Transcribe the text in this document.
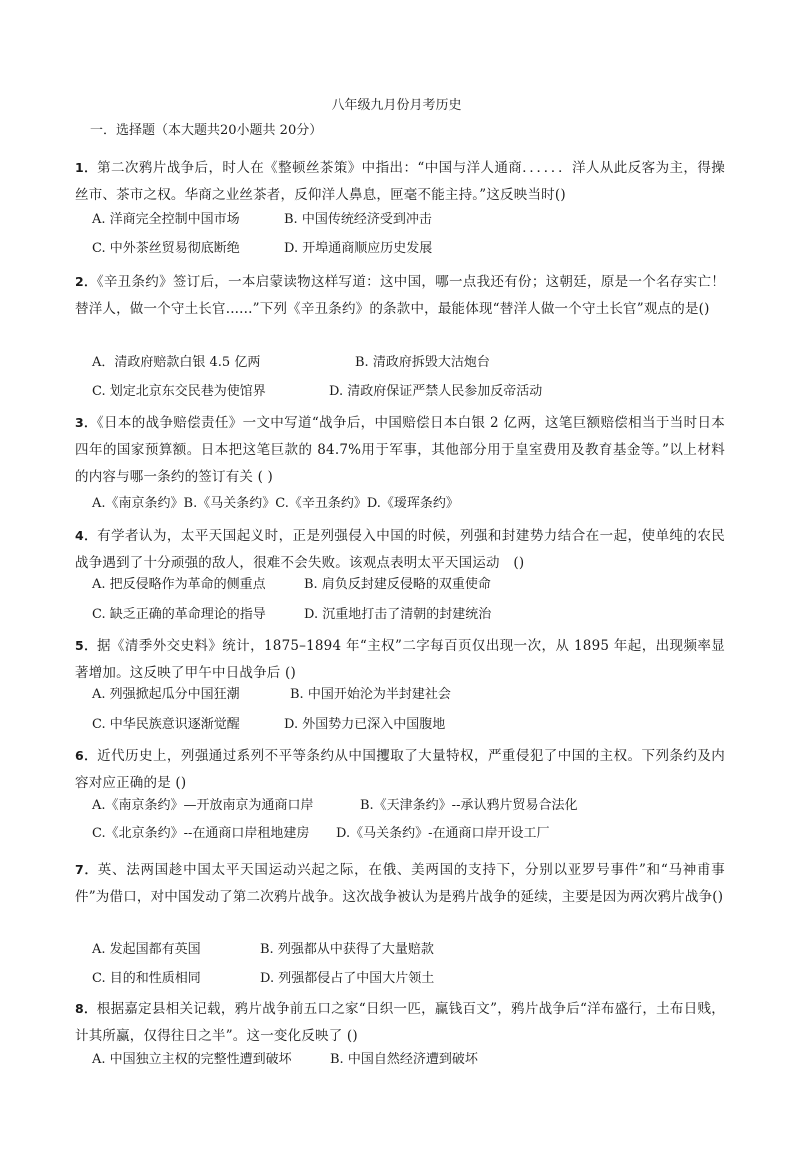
八年级九月份月考历史
一．选择题（本大题共20小题共 20分）
1．第二次鸦片战争后，时人在《整顿丝茶策》中指出：“中国与洋人通商．．．．．．洋人从此反客为主，得操丝市、茶市之权。华商之业丝茶者，反仰洋人鼻息，匣毫不能主持。”这反映当时()
A. 洋商完全控制中国市场	B. 中国传统经济受到冲击
C. 中外茶丝贸易彻底断绝	D. 开埠通商顺应历史发展
2．《辛丑条约》签订后，一本启蒙读物这样写道：这中国，哪一点我还有份；这朝廷，原是一个名存实亡！替洋人，做一个守土长官......”下列《辛丑条约》的条款中，最能体现“替洋人做一个守土长官”观点的是()
A．清政府赔款白银 4.5 亿两	B. 清政府拆毁大沽炮台
C. 划定北京东交民巷为使馆界	D. 清政府保证严禁人民参加反帝活动
3．《日本的战争赔偿责任》一文中写道“战争后，中国赔偿日本白银 2 亿两，这笔巨额赔偿相当于当时日本四年的国家预算额。日本把这笔巨款的 84.7%用于军事，其他部分用于皇室费用及教育基金等。”以上材料的内容与哪一条约的签订有关 ( )
A.《南京条约》B.《马关条约》C.《辛丑条约》D.《瑷珲条约》
4．有学者认为，太平天国起义时，正是列强侵入中国的时候，列强和封建势力结合在一起，使单纯的农民战争遇到了十分顽强的敌人，很难不会失败。该观点表明太平天国运动　()
A. 把反侵略作为革命的侧重点	B. 肩负反封建反侵略的双重使命
C. 缺乏正确的革命理论的指导	D. 沉重地打击了清朝的封建统治
5．据《清季外交史料》统计，1875–1894 年“主权”二字每百页仅出现一次，从 1895 年起，出现频率显著增加。这反映了甲午中日战争后 ()
A. 列强掀起瓜分中国狂潮	B. 中国开始沦为半封建社会
C. 中华民族意识逐渐觉醒	D. 外国势力已深入中国腹地
6．近代历史上，列强通过系列不平等条约从中国攫取了大量特权，严重侵犯了中国的主权。下列条约及内容对应正确的是 ()
A.《南京条约》—开放南京为通商口岸	B.《天津条约》--承认鸦片贸易合法化
C.《北京条约》--在通商口岸租地建房 D.《马关条约》-在通商口岸开设工厂
7．英、法两国趁中国太平天国运动兴起之际，在俄、美两国的支持下，分别以亚罗号事件”和“马神甫事件”为借口，对中国发动了第二次鸦片战争。这次战争被认为是鸦片战争的延续，主要是因为两次鸦片战争()
A. 发起国都有英国	B. 列强都从中获得了大量赔款
C. 目的和性质相同	D. 列强都侵占了中国大片领土
8．根据嘉定县相关记载，鸦片战争前五口之家“日织一匹，赢钱百文”，鸦片战争后“洋布盛行，土布日贱，计其所赢，仅得往日之半”。这一变化反映了 ()
A. 中国独立主权的完整性遭到破坏	B. 中国自然经济遭到破坏
